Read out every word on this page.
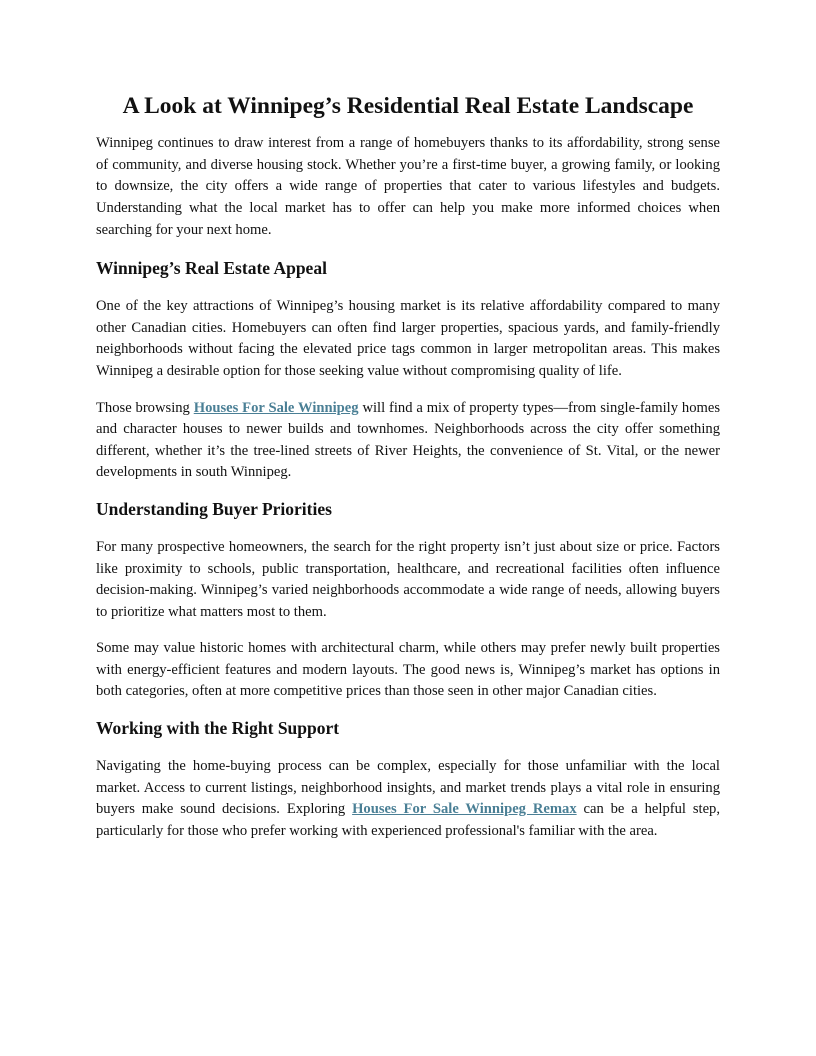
A Look at Winnipeg’s Residential Real Estate Landscape

Winnipeg continues to draw interest from a range of homebuyers thanks to its affordability, strong sense of community, and diverse housing stock. Whether you’re a first-time buyer, a growing family, or looking to downsize, the city offers a wide range of properties that cater to various lifestyles and budgets. Understanding what the local market has to offer can help you make more informed choices when searching for your next home.

Winnipeg’s Real Estate Appeal

One of the key attractions of Winnipeg’s housing market is its relative affordability compared to many other Canadian cities. Homebuyers can often find larger properties, spacious yards, and family-friendly neighborhoods without facing the elevated price tags common in larger metropolitan areas. This makes Winnipeg a desirable option for those seeking value without compromising quality of life.

Those browsing Houses For Sale Winnipeg will find a mix of property types—from single-family homes and character houses to newer builds and townhomes. Neighborhoods across the city offer something different, whether it’s the tree-lined streets of River Heights, the convenience of St. Vital, or the newer developments in south Winnipeg.

Understanding Buyer Priorities

For many prospective homeowners, the search for the right property isn’t just about size or price. Factors like proximity to schools, public transportation, healthcare, and recreational facilities often influence decision-making. Winnipeg’s varied neighborhoods accommodate a wide range of needs, allowing buyers to prioritize what matters most to them.

Some may value historic homes with architectural charm, while others may prefer newly built properties with energy-efficient features and modern layouts. The good news is, Winnipeg’s market has options in both categories, often at more competitive prices than those seen in other major Canadian cities.

Working with the Right Support

Navigating the home-buying process can be complex, especially for those unfamiliar with the local market. Access to current listings, neighborhood insights, and market trends plays a vital role in ensuring buyers make sound decisions. Exploring Houses For Sale Winnipeg Remax can be a helpful step, particularly for those who prefer working with experienced professional's familiar with the area.
